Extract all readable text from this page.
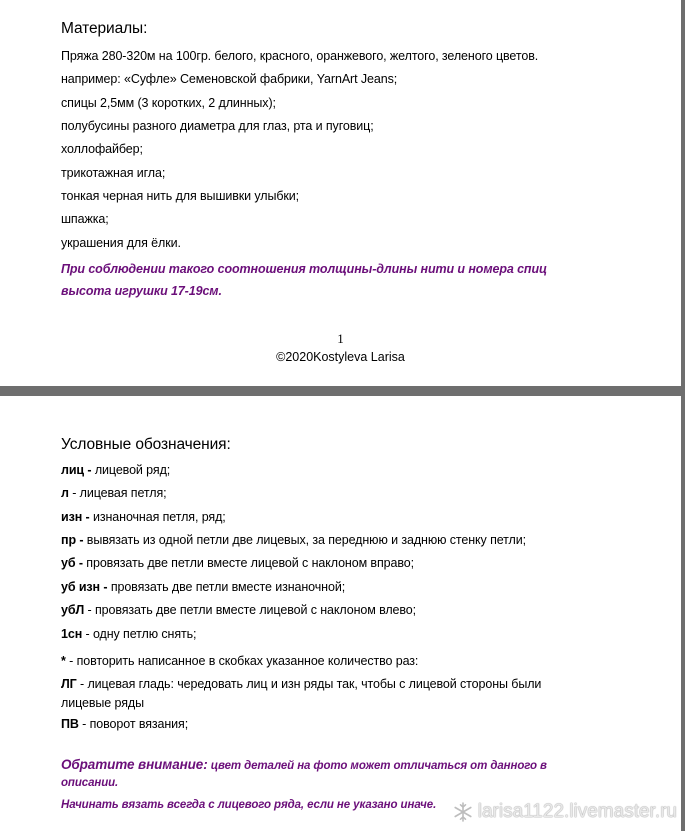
Материалы:
Пряжа 280-320м на 100гр. белого, красного, оранжевого, желтого, зеленого цветов.
например: «Суфле» Семеновской фабрики, YarnArt Jeans;
спицы 2,5мм (3 коротких, 2 длинных);
полубусины разного диаметра для глаз, рта и пуговиц;
холлофайбер;
трикотажная игла;
тонкая черная нить для вышивки улыбки;
шпажка;
украшения для ёлки.
При соблюдении такого соотношения толщины-длины нити и номера спиц
высота игрушки 17-19см.
1
©2020Kostyleva Larisa
Условные обозначения:
лиц - лицевой ряд;
л - лицевая петля;
изн - изнаночная петля, ряд;
пр - вывязать из одной петли две лицевых, за переднюю и заднюю стенку петли;
уб - провязать две петли вместе лицевой с наклоном вправо;
уб изн - провязать две петли вместе изнаночной;
убЛ - провязать две петли вместе лицевой с наклоном влево;
1сн - одну петлю снять;
* - повторить написанное в скобках указанное количество раз:
ЛГ - лицевая гладь: чередовать лиц и изн ряды так, чтобы с лицевой стороны были
лицевые ряды
ПВ - поворот вязания;
Обратите внимание: цвет деталей на фото может отличаться от данного в
описании.
Начинать вязать всегда с лицевого ряда, если не указано иначе. larisa1122.livemaster.ru
